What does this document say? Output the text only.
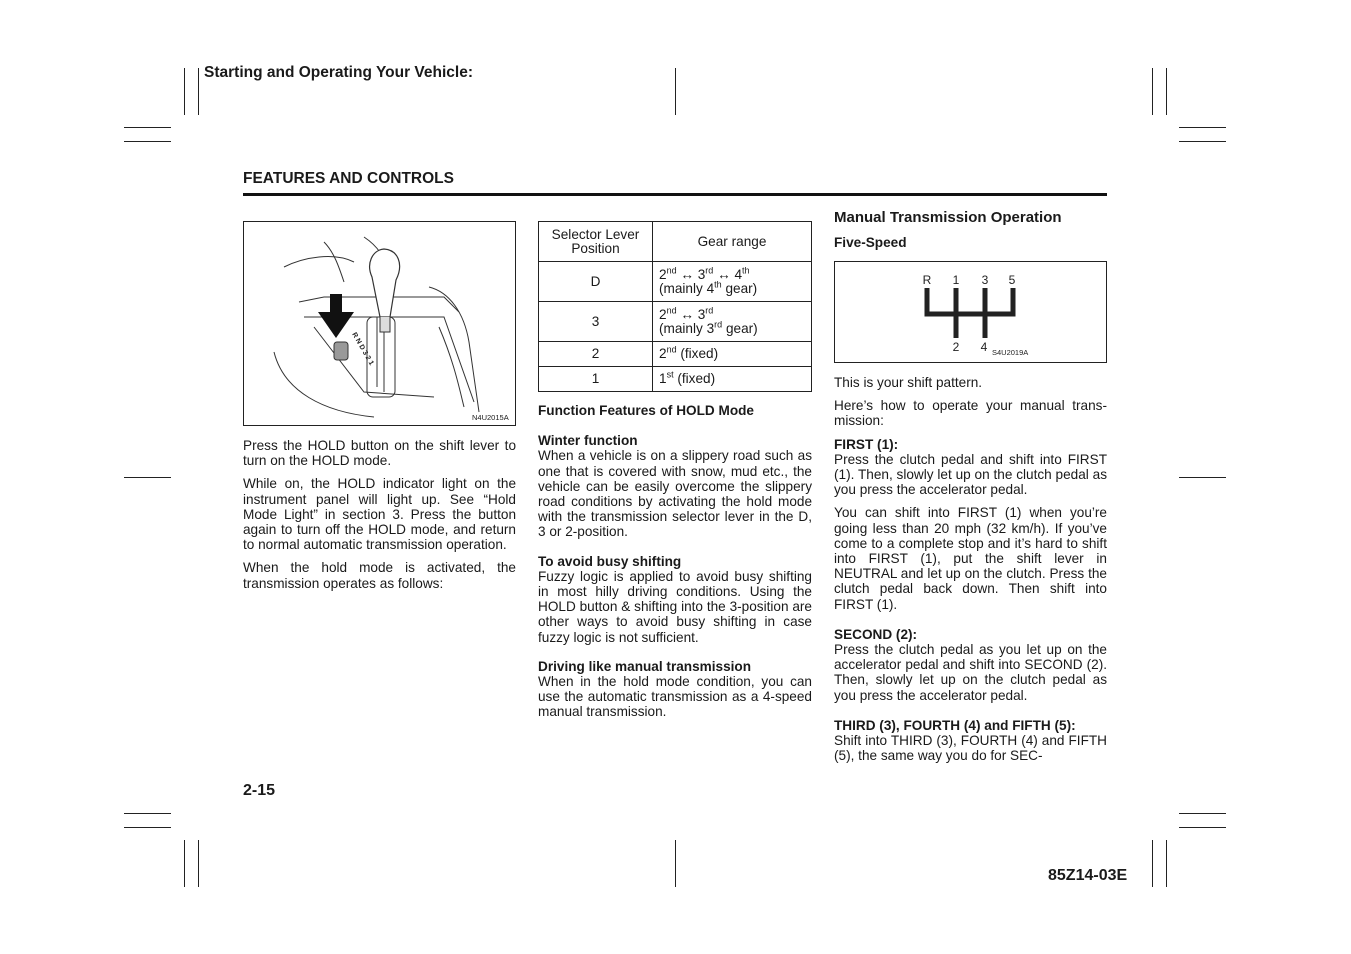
Starting and Operating Your Vehicle:
FEATURES AND CONTROLS
R N D 3 2 1
N4U2015A

Press the HOLD button on the shift lever to turn on the HOLD mode.

While on, the HOLD indicator light on the instrument panel will light up. See “Hold Mode Light” in section 3. Press the button again to turn off the HOLD mode, and return to normal automatic transmission operation.

When the hold mode is activated, the transmission operates as follows:

Selector Lever Position	Gear range
D	2nd ↔ 3rd ↔ 4th
(mainly 4th gear)
3	2nd ↔ 3rd
(mainly 3rd gear)
2	2nd (fixed)
1	1st (fixed)
Function Features of HOLD Mode
Winter function
When a vehicle is on a slippery road such as one that is covered with snow, mud etc., the vehicle can be easily overcome the slippery road conditions by activating the hold mode with the transmission selector lever in the D, 3 or 2-position.
To avoid busy shifting
Fuzzy logic is applied to avoid busy shifting in most hilly driving conditions. Using the HOLD button & shifting into the 3-position are other ways to avoid busy shifting in case fuzzy logic is not sufficient.
Driving like manual transmission
When in the hold mode condition, you can use the automatic transmission as a 4-speed manual transmission.
Manual Transmission Operation
Five-Speed
R 1 3 5
2 4 S4U2019A

This is your shift pattern.

Here’s how to operate your manual trans-mission:

FIRST (1):

Press the clutch pedal and shift into FIRST (1). Then, slowly let up on the clutch pedal as you press the accelerator pedal.

You can shift into FIRST (1) when you’re going less than 20 mph (32 km/h). If you’ve come to a complete stop and it’s hard to shift into FIRST (1), put the shift lever in NEUTRAL and let up on the clutch. Press the clutch pedal back down. Then shift into FIRST (1).

SECOND (2):

Press the clutch pedal as you let up on the accelerator pedal and shift into SECOND (2). Then, slowly let up on the clutch pedal as you press the accelerator pedal.

THIRD (3), FOURTH (4) and FIFTH (5):

Shift into THIRD (3), FOURTH (4) and FIFTH (5), the same way you do for SEC-

2-15
85Z14-03E
